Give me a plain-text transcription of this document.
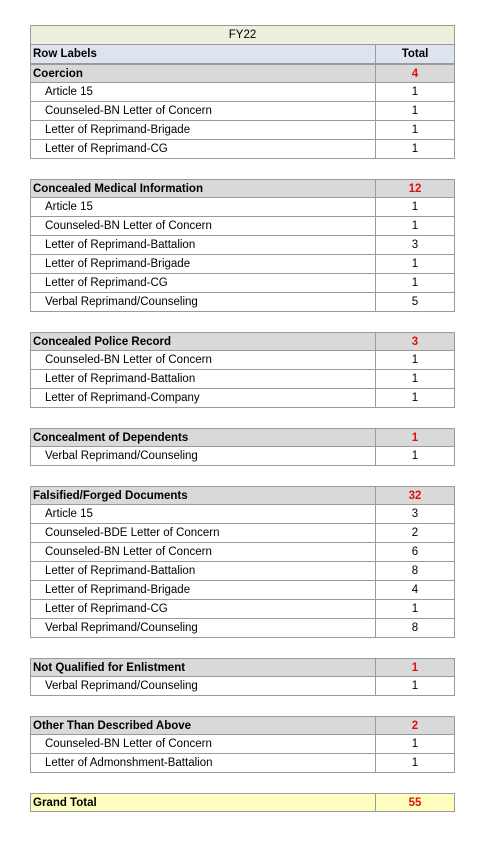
FY22
Row Labels	Total
Coercion	4
Article 15	1
Counseled-BN Letter of Concern	1
Letter of Reprimand-Brigade	1
Letter of Reprimand-CG	1
Concealed Medical Information	12
Article 15	1
Counseled-BN Letter of Concern	1
Letter of Reprimand-Battalion	3
Letter of Reprimand-Brigade	1
Letter of Reprimand-CG	1
Verbal Reprimand/Counseling	5
Concealed Police Record	3
Counseled-BN Letter of Concern	1
Letter of Reprimand-Battalion	1
Letter of Reprimand-Company	1
Concealment of Dependents	1
Verbal Reprimand/Counseling	1
Falsified/Forged Documents	32
Article 15	3
Counseled-BDE Letter of Concern	2
Counseled-BN Letter of Concern	6
Letter of Reprimand-Battalion	8
Letter of Reprimand-Brigade	4
Letter of Reprimand-CG	1
Verbal Reprimand/Counseling	8
Not Qualified for Enlistment	1
Verbal Reprimand/Counseling	1
Other Than Described Above	2
Counseled-BN Letter of Concern	1
Letter of Admonshment-Battalion	1
Grand Total	55
